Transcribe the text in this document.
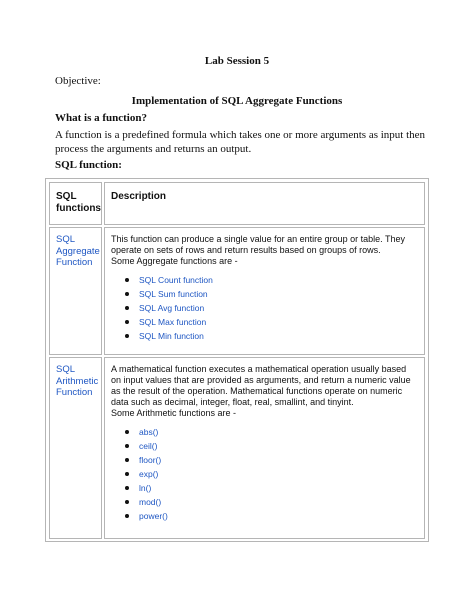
Lab Session 5
Objective:
Implementation of SQL Aggregate Functions
What is a function?
A function is a predefined formula which takes one or more arguments as input then process the arguments and returns an output.
SQL function:
SQL functions
Description
SQL Aggregate Function
This function can produce a single value for an entire group or table. They operate on sets of rows and return results based on groups of rows.
Some Aggregate functions are -
SQL Count function
SQL Sum function
SQL Avg function
SQL Max function
SQL Min function
SQL Arithmetic Function
A mathematical function executes a mathematical operation usually based on input values that are provided as arguments, and return a numeric value as the result of the operation. Mathematical functions operate on numeric data such as decimal, integer, float, real, smallint, and tinyint.
Some Arithmetic functions are -
abs()
ceil()
floor()
exp()
ln()
mod()
power()
